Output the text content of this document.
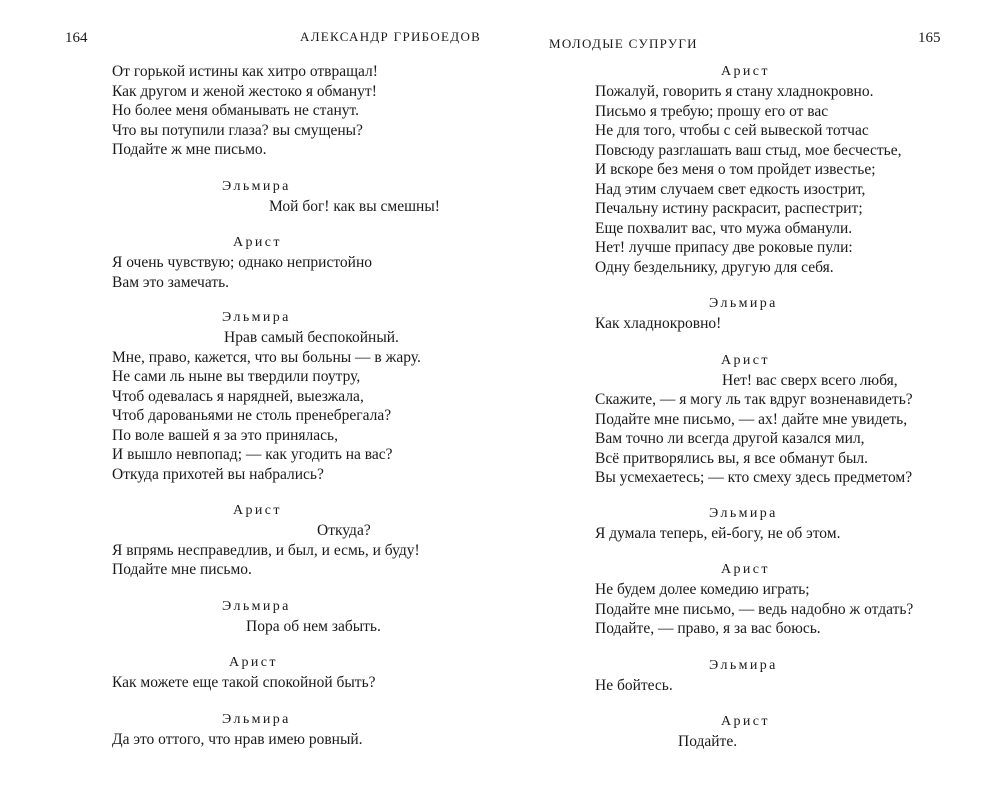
164	АЛЕКСАНДР ГРИБОЕДОВ
От горькой истины как хитро отвращал!
Как другом и женой жестоко я обманут!
Но более меня обманывать не станут.
Что вы потупили глаза? вы смущены?
Подайте ж мне письмо.
Эльмира
Мой бог! как вы смешны!
Арист
Я очень чувствую; однако непристойно
Вам это замечать.
Эльмира
Нрав самый беспокойный.
Мне, право, кажется, что вы больны — в жару.
Не сами ль ныне вы твердили поутру,
Чтоб одевалась я нарядней, выезжала,
Чтоб дарованьями не столь пренебрегала?
По воле вашей я за это принялась,
И вышло невпопад; — как угодить на вас?
Откуда прихотей вы набрались?
Арист
Откуда?
Я впрямь несправедлив, и был, и есмь, и буду!
Подайте мне письмо.
Эльмира
Пора об нем забыть.
Арист
Как можете еще такой спокойной быть?
Эльмира
Да это оттого, что нрав имею ровный.
165
МОЛОДЫЕ СУПРУГИ
Арист
Пожалуй, говорить я стану хладнокровно.
Письмо я требую; прошу его от вас
Не для того, чтобы с сей вывеской тотчас
Повсюду разглашать ваш стыд, мое бесчестье,
И вскоре без меня о том пройдет известье;
Над этим случаем свет едкость изострит,
Печальну истину раскрасит, распестрит;
Еще похвалит вас, что мужа обманули.
Нет! лучше припасу две роковые пули:
Одну бездельнику, другую для себя.
Эльмира
Как хладнокровно!
Арист
Нет! вас сверх всего любя,
Скажите, — я могу ль так вдруг возненавидеть?
Подайте мне письмо, — ах! дайте мне увидеть,
Вам точно ли всегда другой казался мил,
Всё притворялись вы, я все обманут был.
Вы усмехаетесь; — кто смеху здесь предметом?
Эльмира
Я думала теперь, ей-богу, не об этом.
Арист
Не будем долее комедию играть;
Подайте мне письмо, — ведь надобно ж отдать?
Подайте, — право, я за вас боюсь.
Эльмира
Не бойтесь.
Арист
Подайте.
